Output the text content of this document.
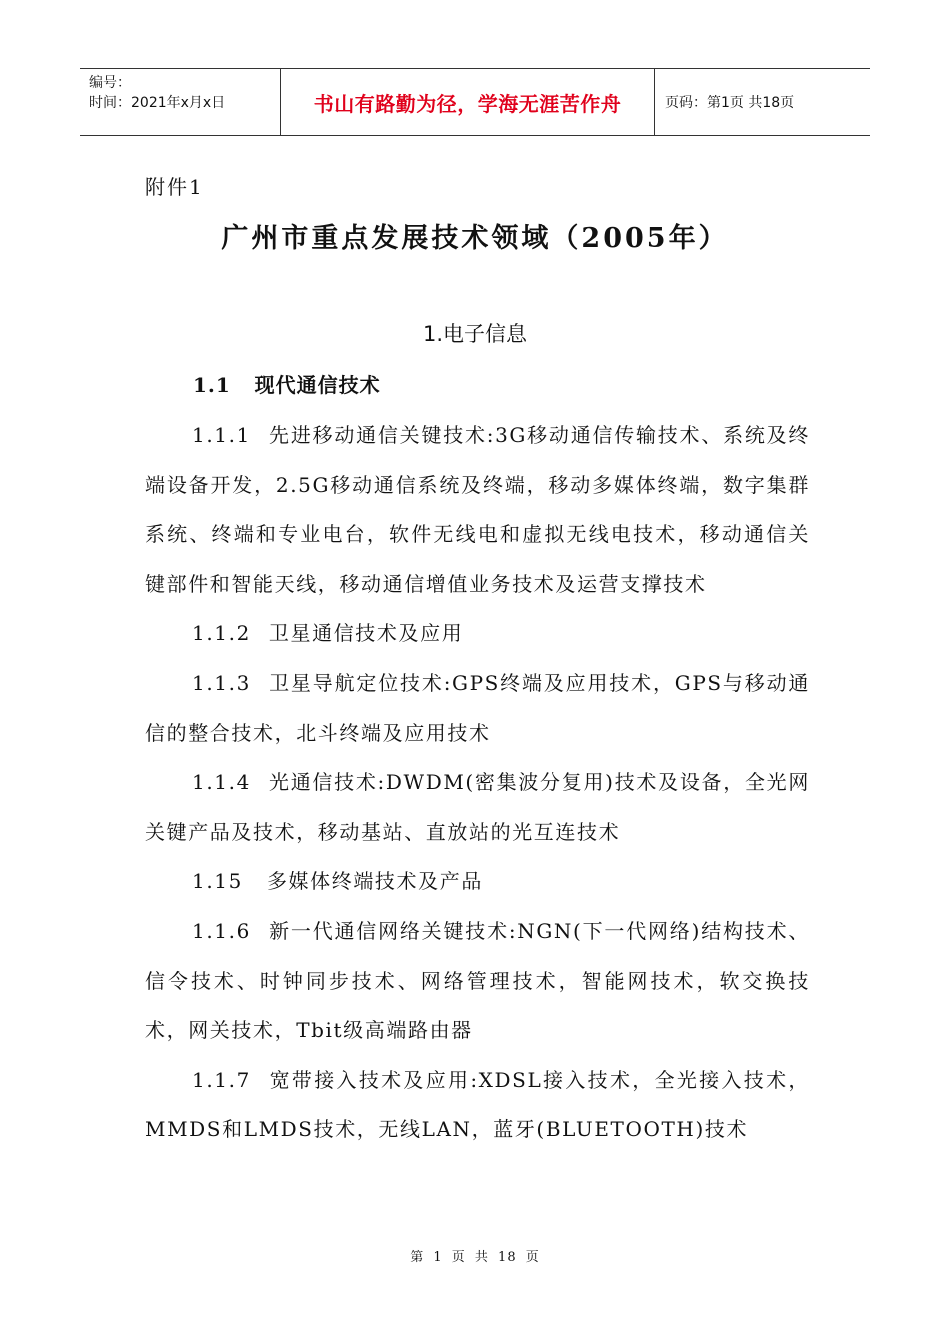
编号：
时间：2021年x月x日	书山有路勤为径，学海无涯苦作舟	页码：第1页 共18页
附件1
广州市重点发展技术领域（2005年）
1.电子信息
1.1   现代通信技术

1.1.1 先进移动通信关键技术:3G移动通信传输技术、系统及终端设备开发，2.5G移动通信系统及终端，移动多媒体终端，数字集群系统、终端和专业电台，软件无线电和虚拟无线电技术，移动通信关键部件和智能天线，移动通信增值业务技术及运营支撑技术

1.1.2 卫星通信技术及应用

1.1.3 卫星导航定位技术:GPS终端及应用技术，GPS与移动通信的整合技术，北斗终端及应用技术

1.1.4 光通信技术:DWDM(密集波分复用)技术及设备，全光网关键产品及技术，移动基站、直放站的光互连技术

1.15 多媒体终端技术及产品

1.1.6 新一代通信网络关键技术:NGN(下一代网络)结构技术、信令技术、时钟同步技术、网络管理技术，智能网技术，软交换技术，网关技术，Tbit级高端路由器

1.1.7 宽带接入技术及应用:XDSL接入技术，全光接入技术，MMDS和LMDS技术，无线LAN，蓝牙(BLUETOOTH)技术

第 1 页 共 18 页
